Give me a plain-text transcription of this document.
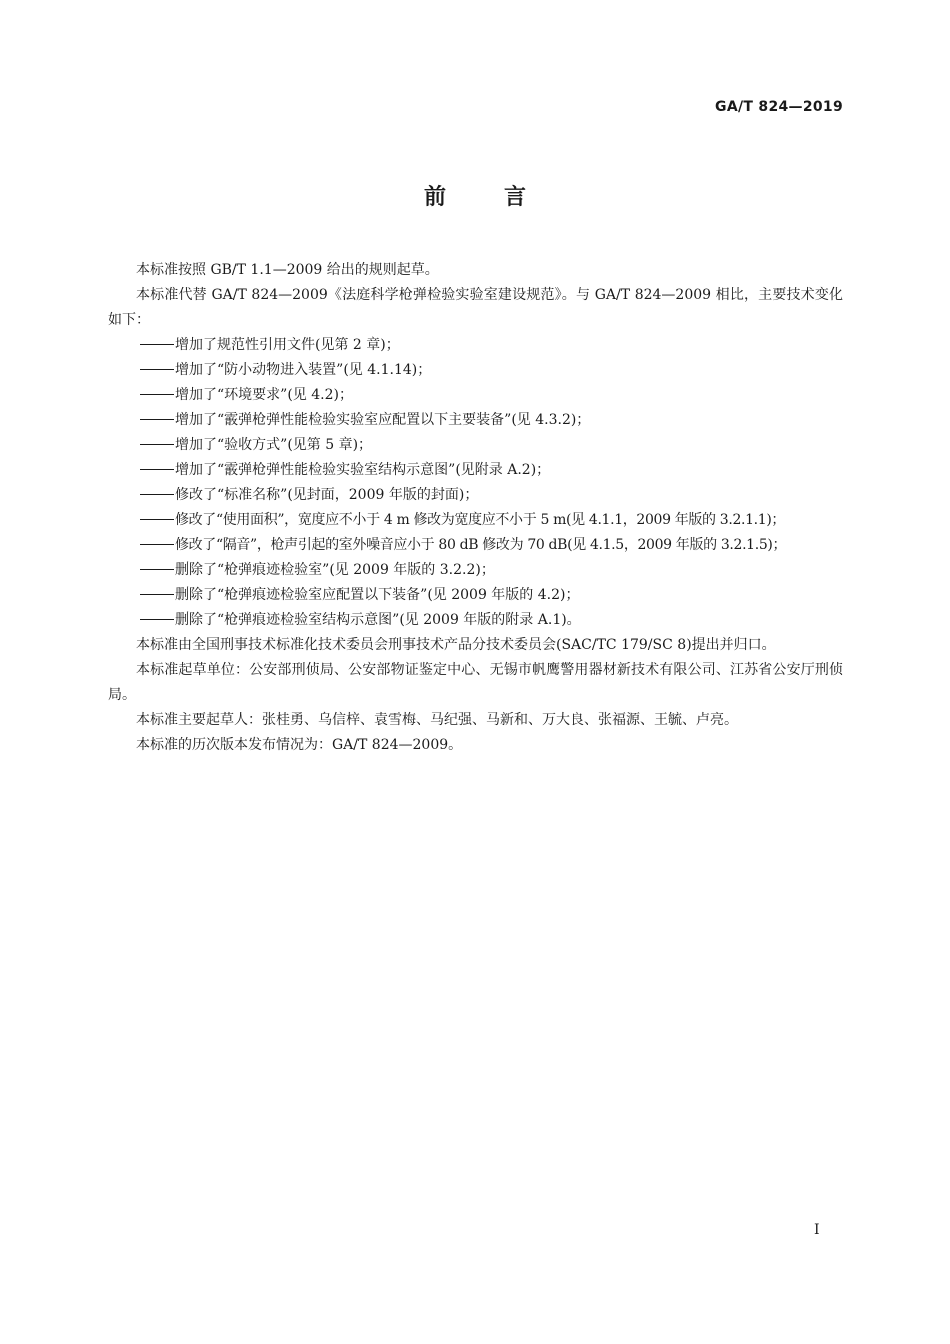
GA/T 824—2019
前言

本标准按照 GB/T 1.1—2009 给出的规则起草。

本标准代替 GA/T 824—2009《法庭科学枪弹检验实验室建设规范》。与 GA/T 824—2009 相比，主要技术变化如下：

增加了规范性引用文件(见第 2 章)；

增加了“防小动物进入装置”(见 4.1.14)；

增加了“环境要求”(见 4.2)；

增加了“霰弹枪弹性能检验实验室应配置以下主要装备”(见 4.3.2)；

增加了“验收方式”(见第 5 章)；

增加了“霰弹枪弹性能检验实验室结构示意图”(见附录 A.2)；

修改了“标准名称”(见封面，2009 年版的封面)；

修改了“使用面积”，宽度应不小于 4 m 修改为宽度应不小于 5 m(见 4.1.1，2009 年版的 3.2.1.1)；

修改了“隔音”，枪声引起的室外噪音应小于 80 dB 修改为 70 dB(见 4.1.5，2009 年版的 3.2.1.5)；

删除了“枪弹痕迹检验室”(见 2009 年版的 3.2.2)；

删除了“枪弹痕迹检验室应配置以下装备”(见 2009 年版的 4.2)；

删除了“枪弹痕迹检验室结构示意图”(见 2009 年版的附录 A.1)。

本标准由全国刑事技术标准化技术委员会刑事技术产品分技术委员会(SAC/TC 179/SC 8)提出并归口。

本标准起草单位：公安部刑侦局、公安部物证鉴定中心、无锡市帆鹰警用器材新技术有限公司、江苏省公安厅刑侦局。

本标准主要起草人：张桂勇、乌信梓、袁雪梅、马纪强、马新和、万大良、张福源、王毓、卢亮。

本标准的历次版本发布情况为：GA/T 824—2009。

I
